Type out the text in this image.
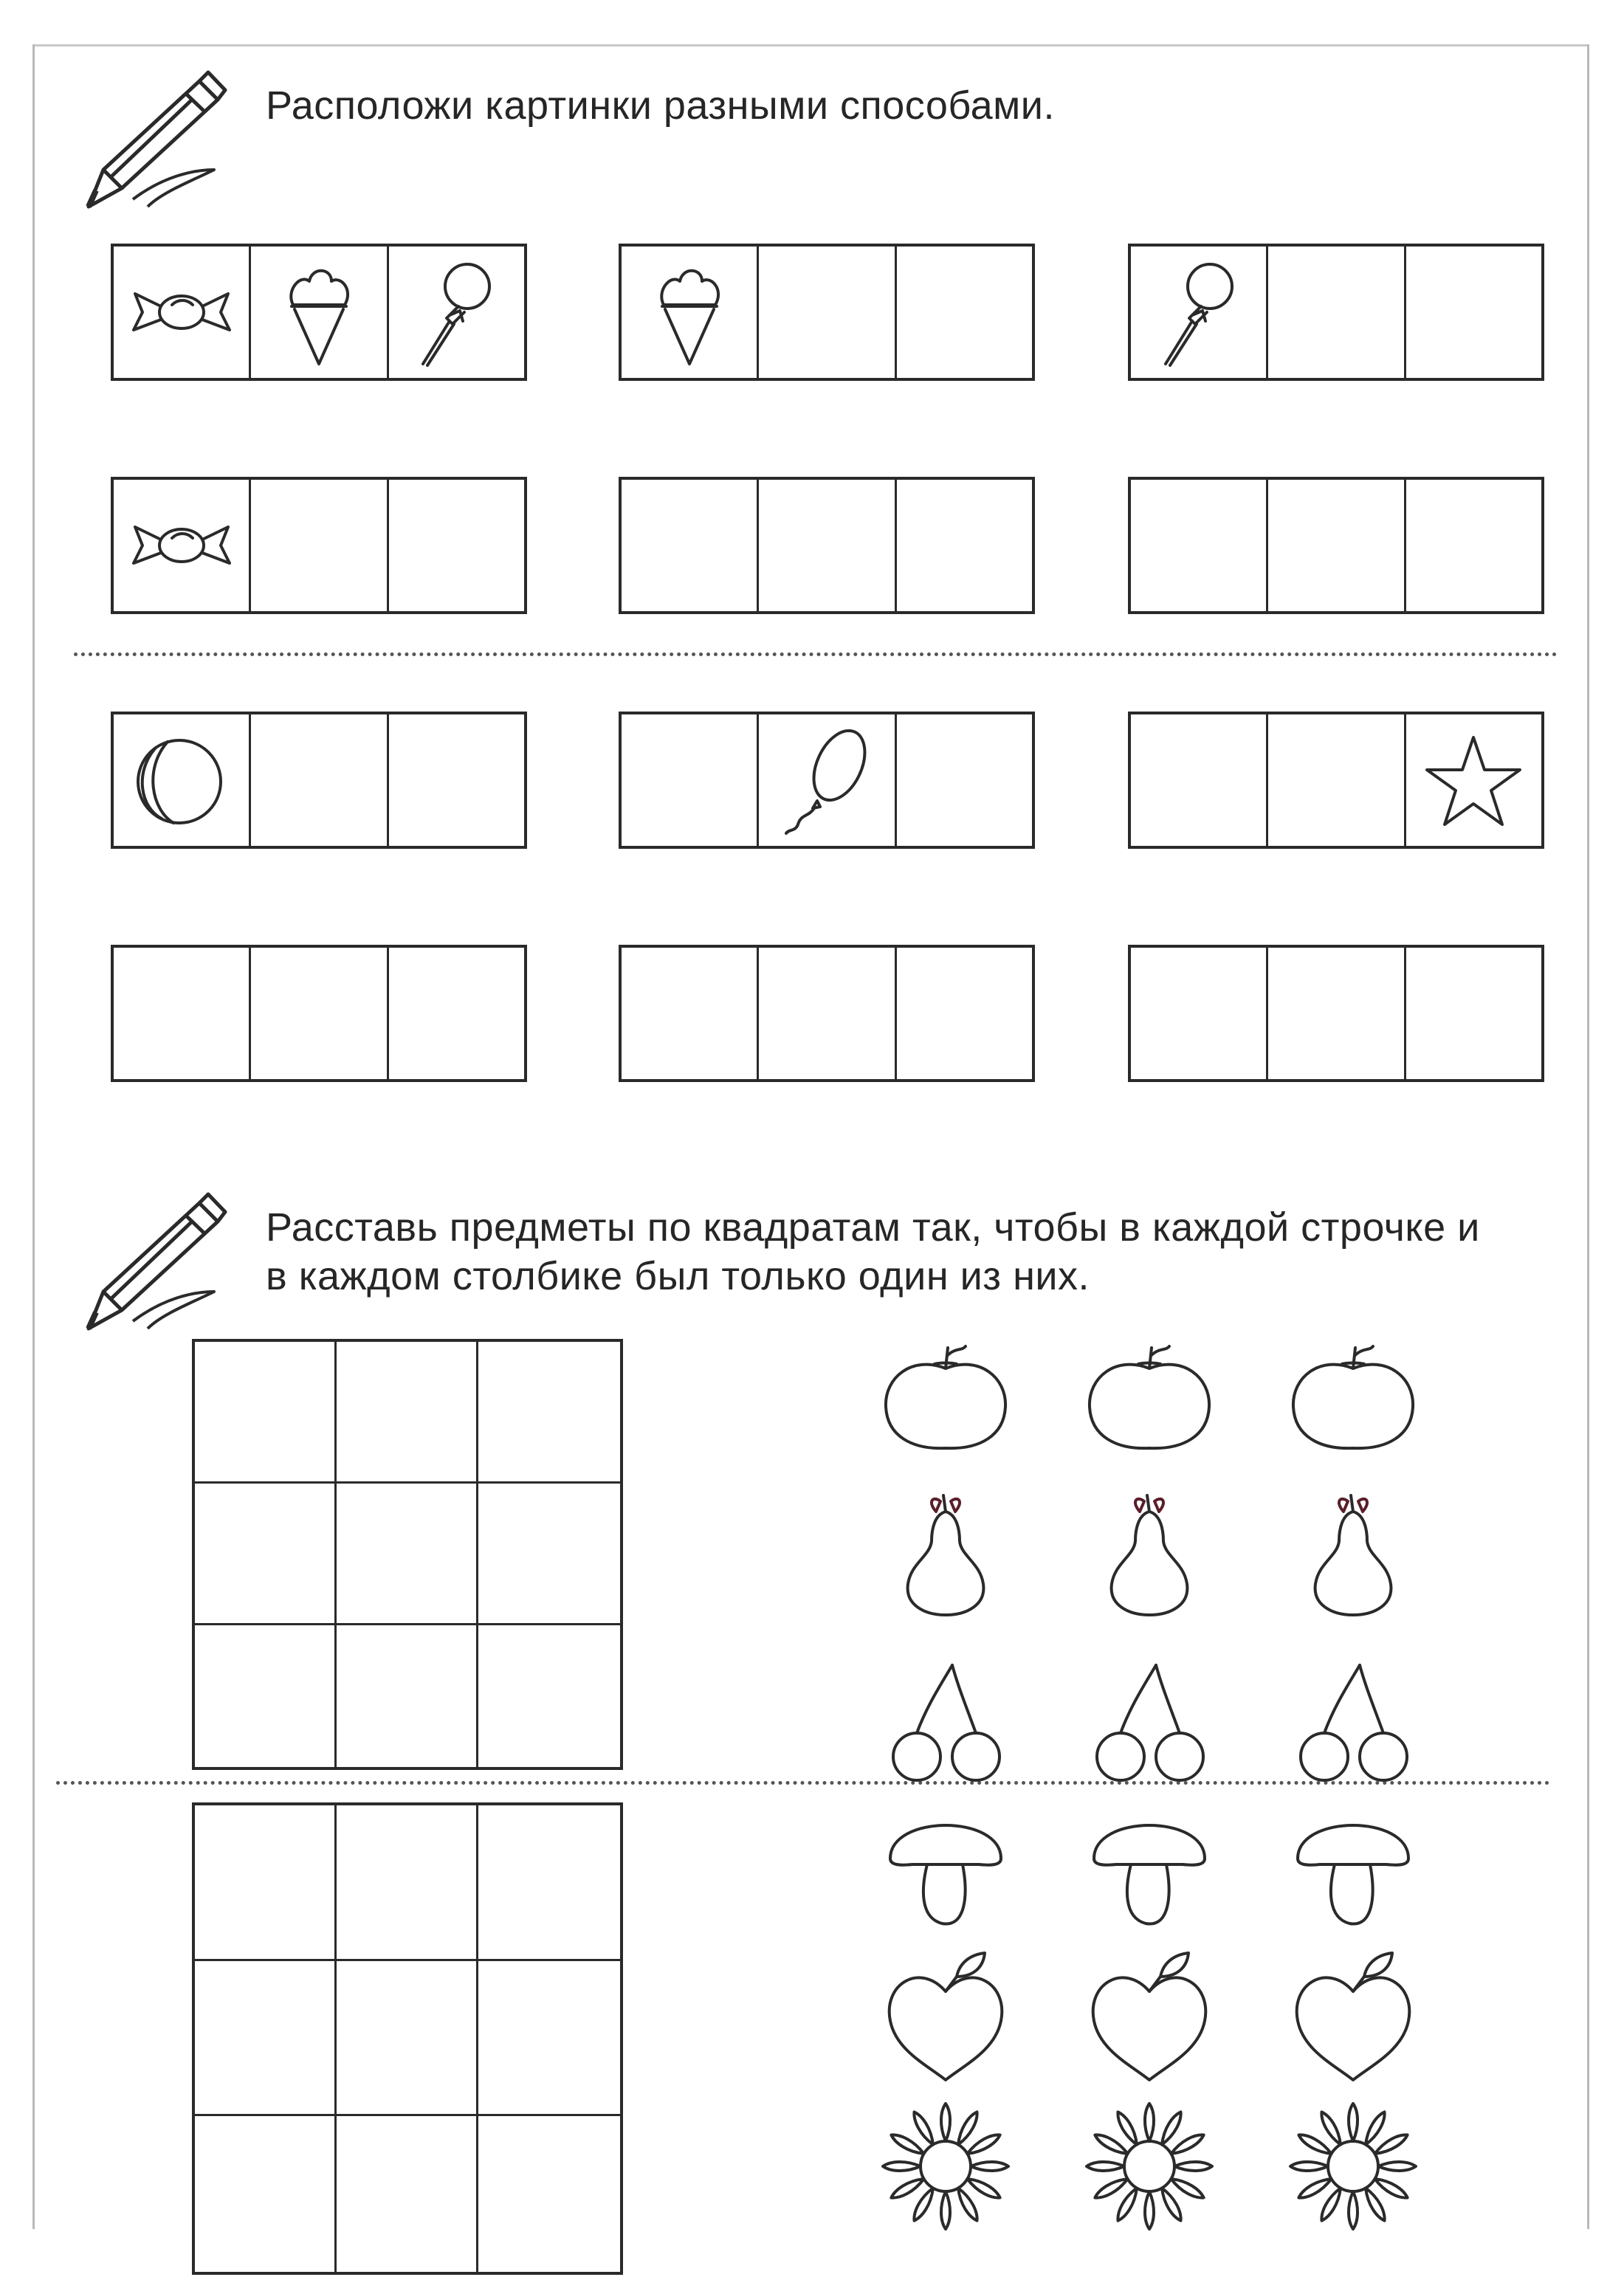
Расположи картинки разными способами.
Расставь предметы по квадратам так, чтобы в каждой строчке и
в каждом столбике был только один из них.
